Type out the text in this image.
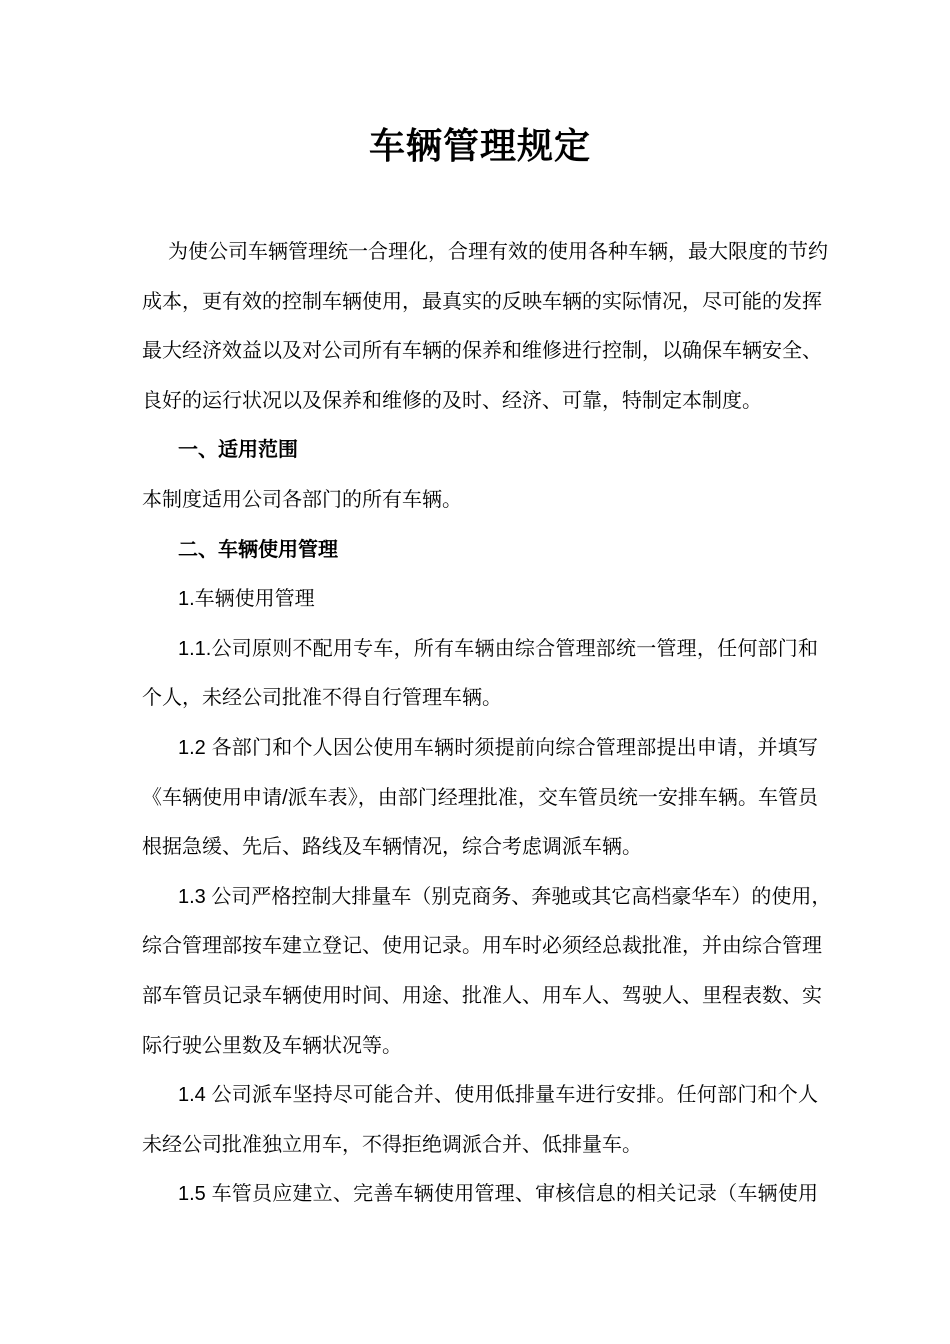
车辆管理规定
为使公司车辆管理统一合理化，合理有效的使用各种车辆，最大限度的节约
成本，更有效的控制车辆使用，最真实的反映车辆的实际情况，尽可能的发挥
最大经济效益以及对公司所有车辆的保养和维修进行控制，以确保车辆安全、
良好的运行状况以及保养和维修的及时、经济、可靠，特制定本制度。
一、适用范围
本制度适用公司各部门的所有车辆。
二、车辆使用管理
1.车辆使用管理
1.1.公司原则不配用专车，所有车辆由综合管理部统一管理，任何部门和
个人，未经公司批准不得自行管理车辆。
1.2 各部门和个人因公使用车辆时须提前向综合管理部提出申请，并填写
《车辆使用申请/派车表》，由部门经理批准，交车管员统一安排车辆。车管员
根据急缓、先后、路线及车辆情况，综合考虑调派车辆。
1.3 公司严格控制大排量车（别克商务、奔驰或其它高档豪华车）的使用，
综合管理部按车建立登记、使用记录。用车时必须经总裁批准，并由综合管理
部车管员记录车辆使用时间、用途、批准人、用车人、驾驶人、里程表数、实
际行驶公里数及车辆状况等。
1.4 公司派车坚持尽可能合并、使用低排量车进行安排。任何部门和个人
未经公司批准独立用车，不得拒绝调派合并、低排量车。
1.5 车管员应建立、完善车辆使用管理、审核信息的相关记录（车辆使用
